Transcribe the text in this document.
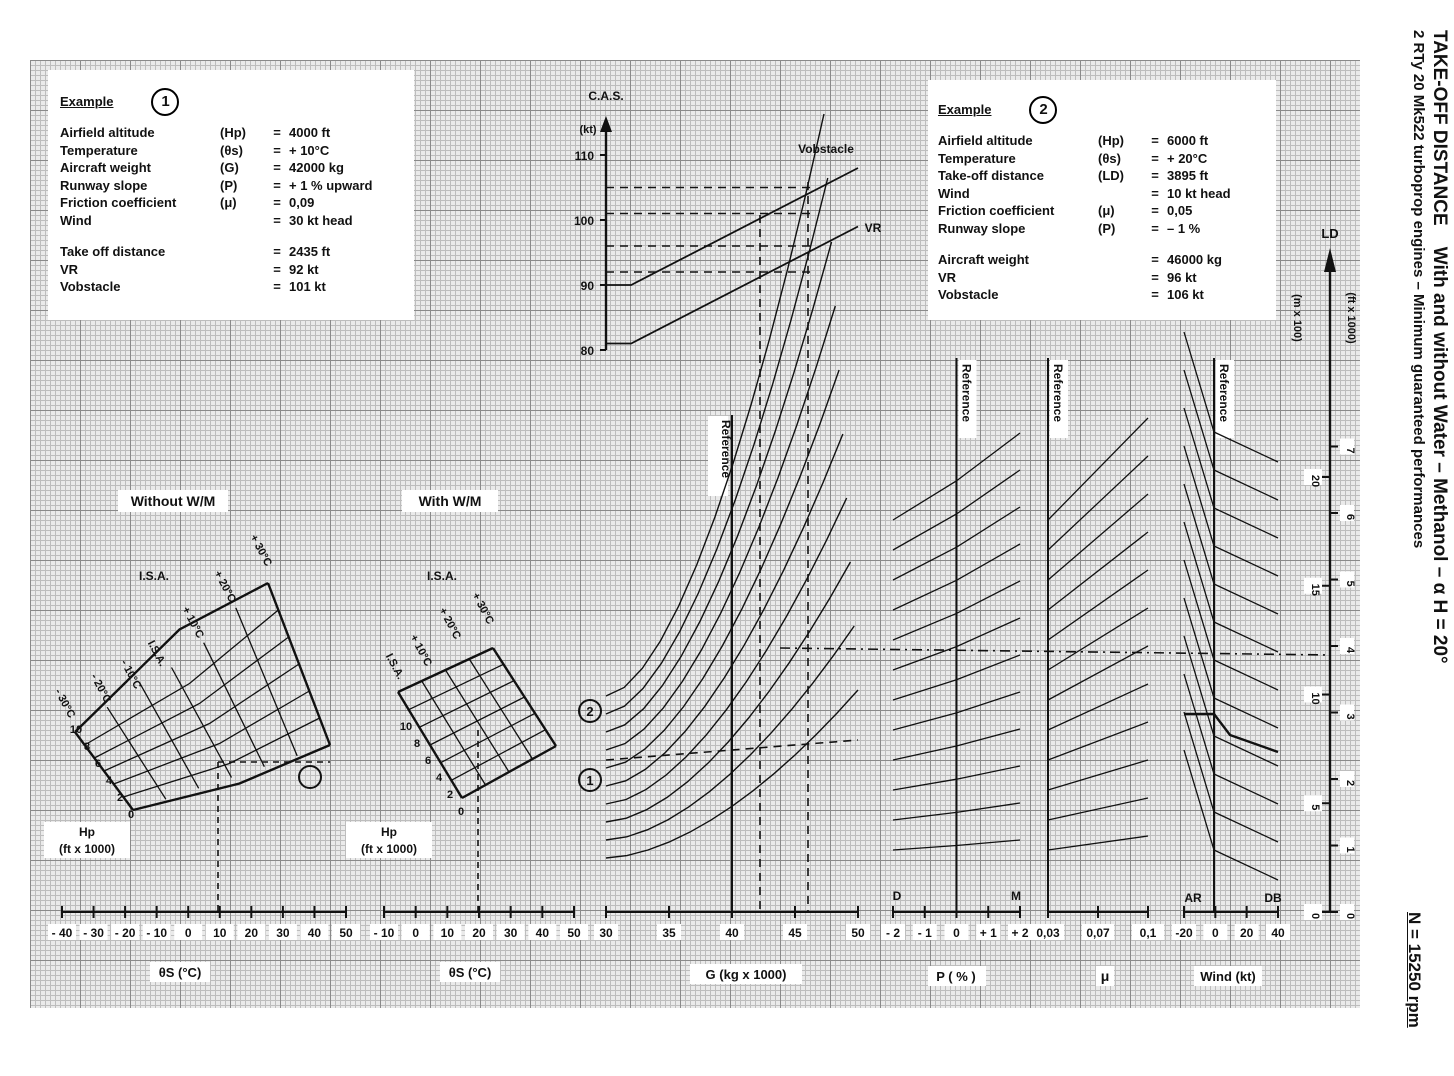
- 40 - 30 - 20 - 10 0 10 20 30 40 50
θS (°C)
Without W/M
Hp
(ft x 1000)
0
2
4
6
8
10
I.S.A.
+ 30°C
+ 20°C
+ 10°C
I.S.A.
- 10°C
- 20°C
- 30°C
- 10 0 10 20 30 40 50
θS (°C)
With W/M
Hp
(ft x 1000)
0
2
4
6
8
10
I.S.A.
+ 30°C
+ 20°C
+ 10°C
I.S.A.
C.A.S.
(kt)
80
90
100
110	Vobstacle
VR
30	35	40	45	50
G (kg x 1000)
Reference
2
1
- 2 - 1 0 + 1 + 2
P ( % )
Reference
D	M
0,03 0,07 0,1
μ
Reference
-20 0 20 40
Wind (kt)
Reference
AR	DB
LD
(m x 100)	(ft x 1000)
0
5
10
15
20
0
1
2
3
4
5
6
7
Example	1
Airfield altitude	(Hp)	= 4000 ft
Temperature	(θs)	= + 10°C
Aircraft weight	(G)	= 42000 kg
Runway slope	(P)	= + 1 % upward
Friction coefficient	(μ)	= 0,09
Wind	= 30 kt head
Take off distance	= 2435 ft
VR	= 92 kt
Vobstacle	= 101 kt
Example	2
Airfield altitude	(Hp)	= 6000 ft
Temperature	(θs)	= + 20°C
Take-off distance	(LD)	= 3895 ft
Wind	= 10 kt head
Friction coefficient	(μ)	= 0,05
Runway slope	(P)	= – 1 %
Aircraft weight	= 46000 kg
VR	= 96 kt
Vobstacle	= 106 kt
TAKE-OFF DISTANCE    With and without Water – Methanol – α H = 20°
2 RTy 20 Mk522 turboprop engines – Minimum guaranteed performances
N = 15250 rpm
